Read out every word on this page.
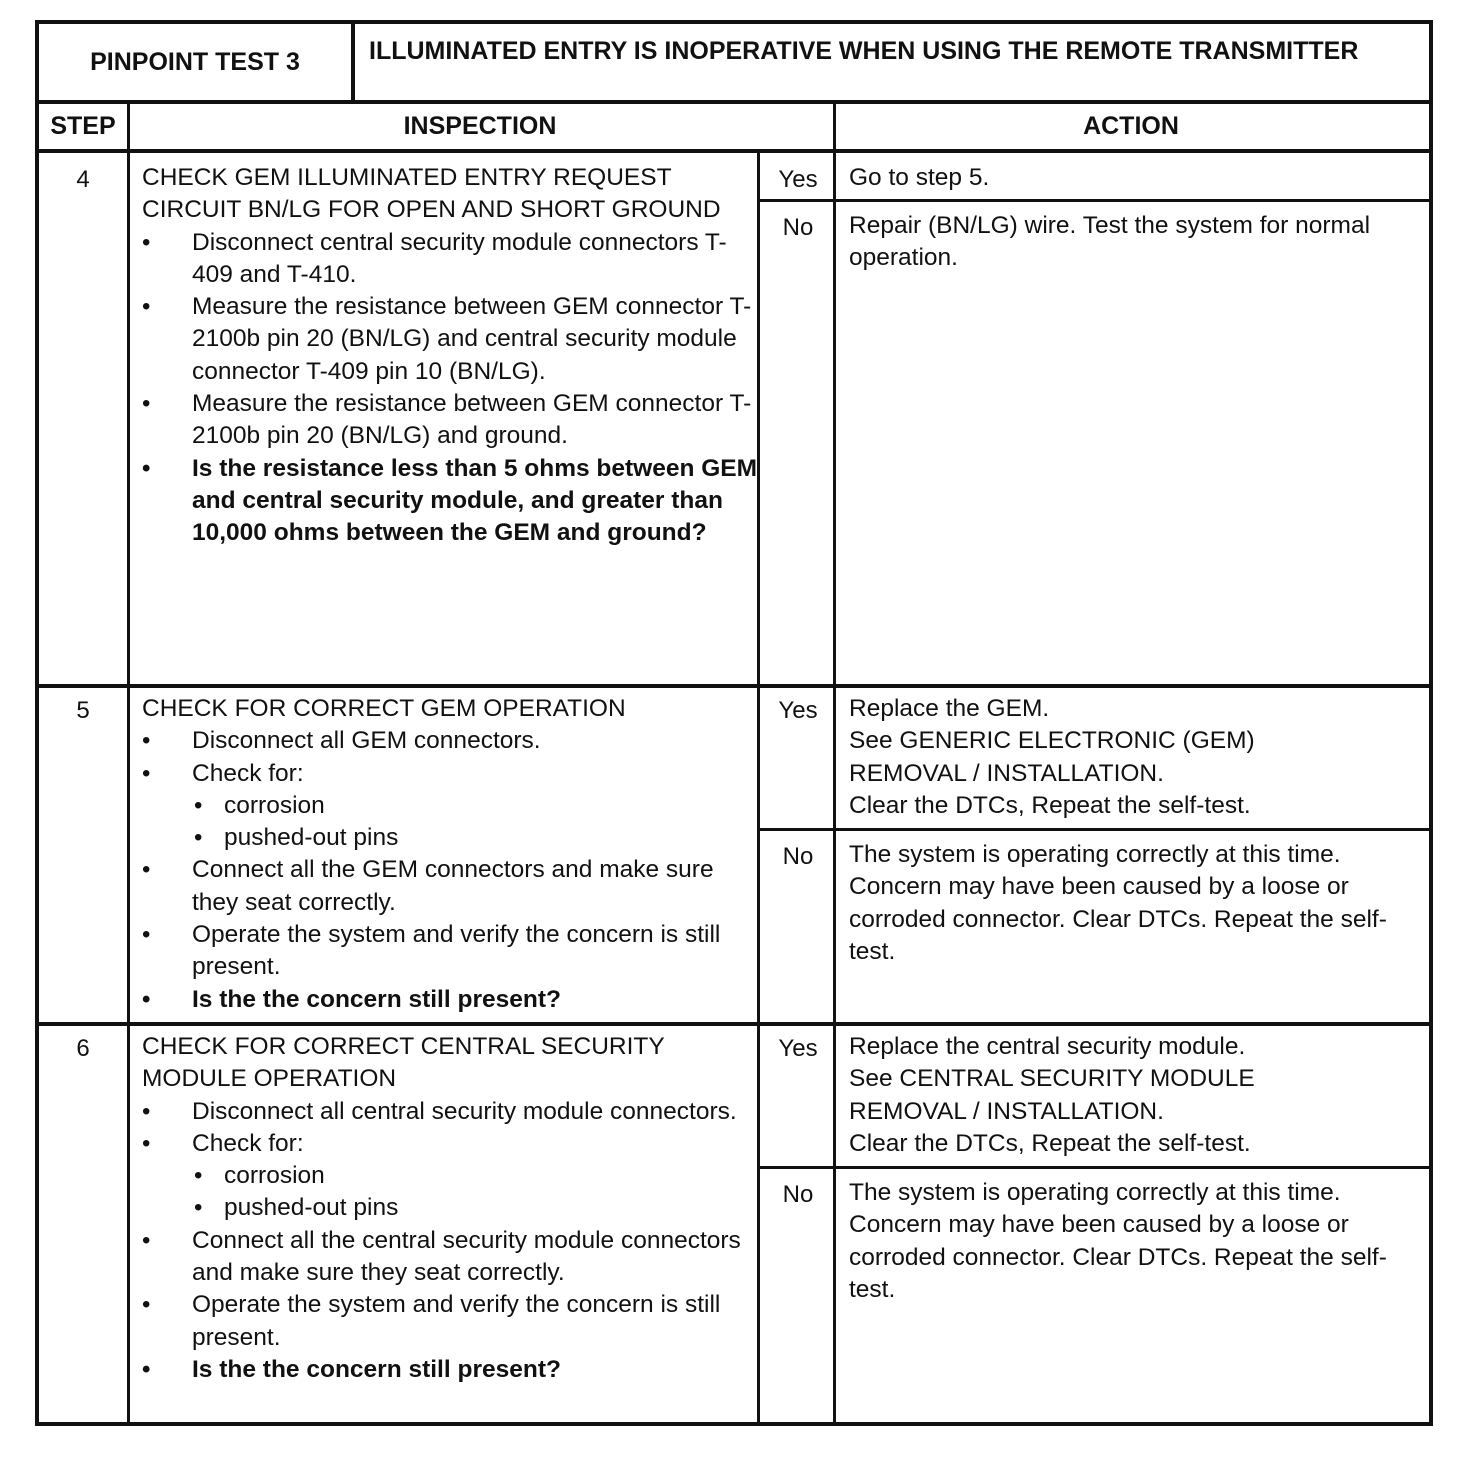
PINPOINT TEST 3	ILLUMINATED ENTRY IS INOPERATIVE WHEN USING THE REMOTE TRANSMITTER
STEP	INSPECTION	ACTION
4	CHECK GEM ILLUMINATED ENTRY REQUEST CIRCUIT BN/LG FOR OPEN AND SHORT GROUND
• Disconnect central security module connectors T-409 and T-410.
• Measure the resistance between GEM connector T-2100b pin 20 (BN/LG) and central security module connector T-409 pin 10 (BN/LG).
• Measure the resistance between GEM connector T-2100b pin 20 (BN/LG) and ground.
• Is the resistance less than 5 ohms between GEM and central security module, and greater than 10,000 ohms between the GEM and ground?
Yes	Go to step 5.
No	Repair (BN/LG) wire. Test the system for normal operation.
5	CHECK FOR CORRECT GEM OPERATION
• Disconnect all GEM connectors.
• Check for:
• corrosion
• pushed-out pins
• Connect all the GEM connectors and make sure they seat correctly.
• Operate the system and verify the concern is still present.
• Is the the concern still present?
Yes	Replace the GEM.
See GENERIC ELECTRONIC (GEM)
REMOVAL / INSTALLATION.
Clear the DTCs, Repeat the self-test.
No	The system is operating correctly at this time. Concern may have been caused by a loose or corroded connector. Clear DTCs. Repeat the self-test.
6	CHECK FOR CORRECT CENTRAL SECURITY MODULE OPERATION
• Disconnect all central security module connectors.
• Check for:
• corrosion
• pushed-out pins
• Connect all the central security module connectors and make sure they seat correctly.
• Operate the system and verify the concern is still present.
• Is the the concern still present?
Yes	Replace the central security module.
See CENTRAL SECURITY MODULE
REMOVAL / INSTALLATION.
Clear the DTCs, Repeat the self-test.
No	The system is operating correctly at this time. Concern may have been caused by a loose or corroded connector. Clear DTCs. Repeat the self-test.
